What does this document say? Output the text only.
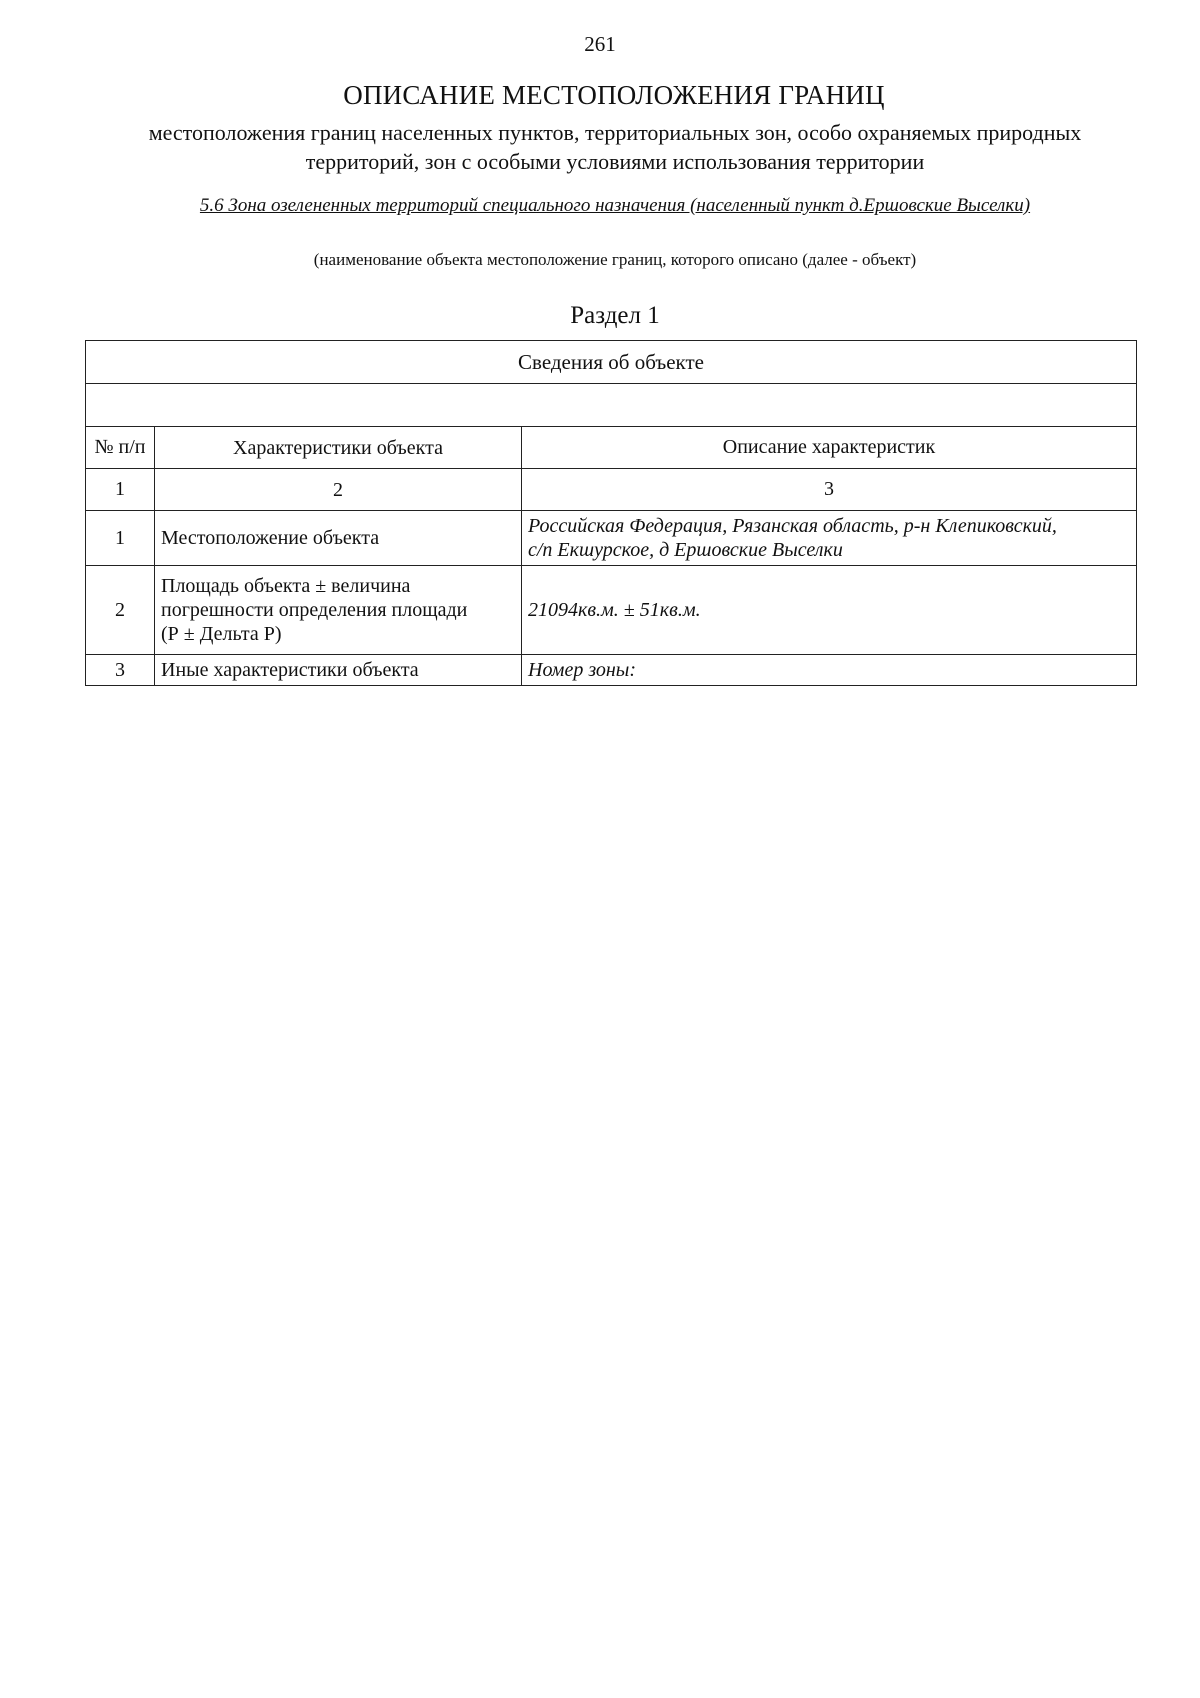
261
ОПИСАНИЕ МЕСТОПОЛОЖЕНИЯ ГРАНИЦ
местоположения границ населенных пунктов, территориальных зон, особо охраняемых природных
территорий, зон с особыми условиями использования территории
5.6 Зона озелененных территорий специального назначения (населенный пункт д.Ершовские Выселки)
(наименование объекта местоположение границ, которого описано (далее - объект)
Раздел 1
Сведения об объекте		

№ п/п	Характеристики объекта	Описание характеристик
1	2	3
1	Местоположение объекта	Российская Федерация, Рязанская область, р-н Клепиковский,
с/п Екшурское, д Ершовские Выселки

2	Площадь объекта ± величина
погрешности определения площади
(Р ± Дельта Р)	21094кв.м. ± 51кв.м.
3	Иные характеристики объекта	Номер зоны:
